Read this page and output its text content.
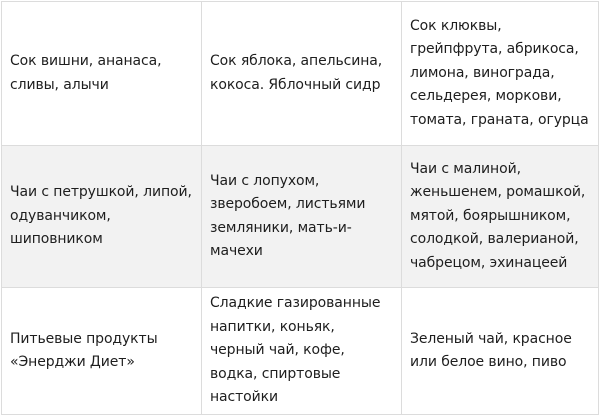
Сок вишни, ананаса, сливы, алычи	Сок яблока, апельсина, кокоса. Яблочный сидр	Сок клюквы, грейпфрута, абрикоса, лимона, винограда, сельдерея, моркови, томата, граната, огурца
Чаи с петрушкой, липой, одуванчиком, шиповником	Чаи с лопухом, зверобоем, листьями земляники, мать-и-мачехи	Чаи с малиной, женьшенем, ромашкой, мятой, боярышником, солодкой, валерианой, чабрецом, эхинацеей
Питьевые продукты «Энерджи Диет»	Сладкие газированные напитки, коньяк, черный чай, кофе, водка, спиртовые настойки	Зеленый чай, красное или белое вино, пиво
